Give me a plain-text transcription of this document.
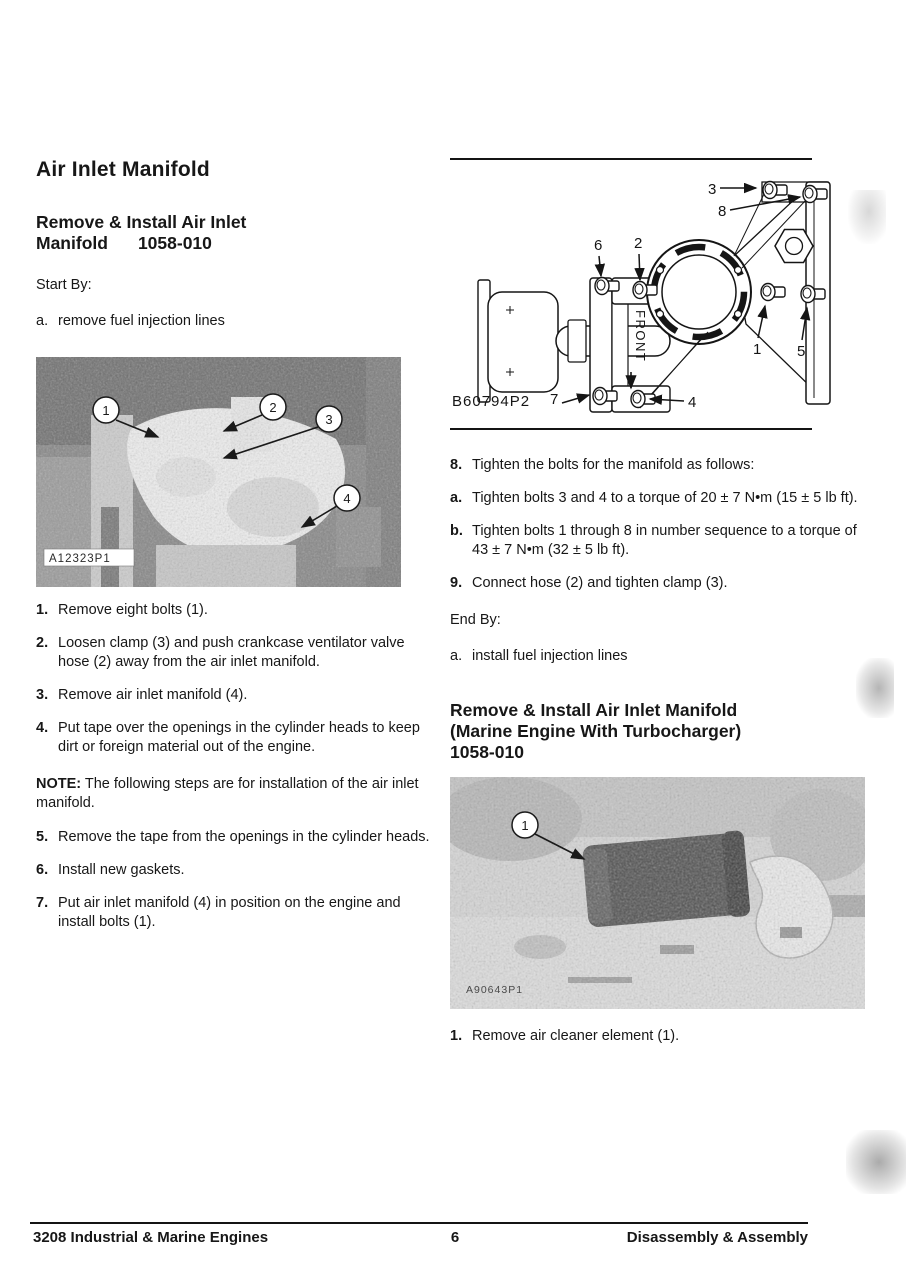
Air Inlet Manifold
Remove & Install Air Inlet
Manifold 1058-010
Start By:
a. remove fuel injection lines
1	2
3
4
A12323P1
1. Remove eight bolts (1).
2. Loosen clamp (3) and push crankcase ventilator valve hose (2) away from the air inlet manifold.
3. Remove air inlet manifold (4).
4. Put tape over the openings in the cylinder heads to keep dirt or foreign material out of the engine.

NOTE: The following steps are for installation of the air inlet manifold.

5. Remove the tape from the openings in the cylinder heads.
6. Install new gaskets.
7. Put air inlet manifold (4) in position on the engine and install bolts (1).
FRONT
3
8
6 2
1 5
7	4
B60794P2
8. Tighten the bolts for the manifold as follows:
a. Tighten bolts 3 and 4 to a torque of 20 ± 7 N•m (15 ± 5 lb ft).
b. Tighten bolts 1 through 8 in number sequence to a torque of 43 ± 7 N•m (32 ± 5 lb ft).
9. Connect hose (2) and tighten clamp (3).
End By:
a. install fuel injection lines
Remove & Install Air Inlet Manifold
(Marine Engine With Turbocharger)
1058-010
1
A90643P1
1. Remove air cleaner element (1).
3208 Industrial & Marine Engines	6	Disassembly & Assembly
